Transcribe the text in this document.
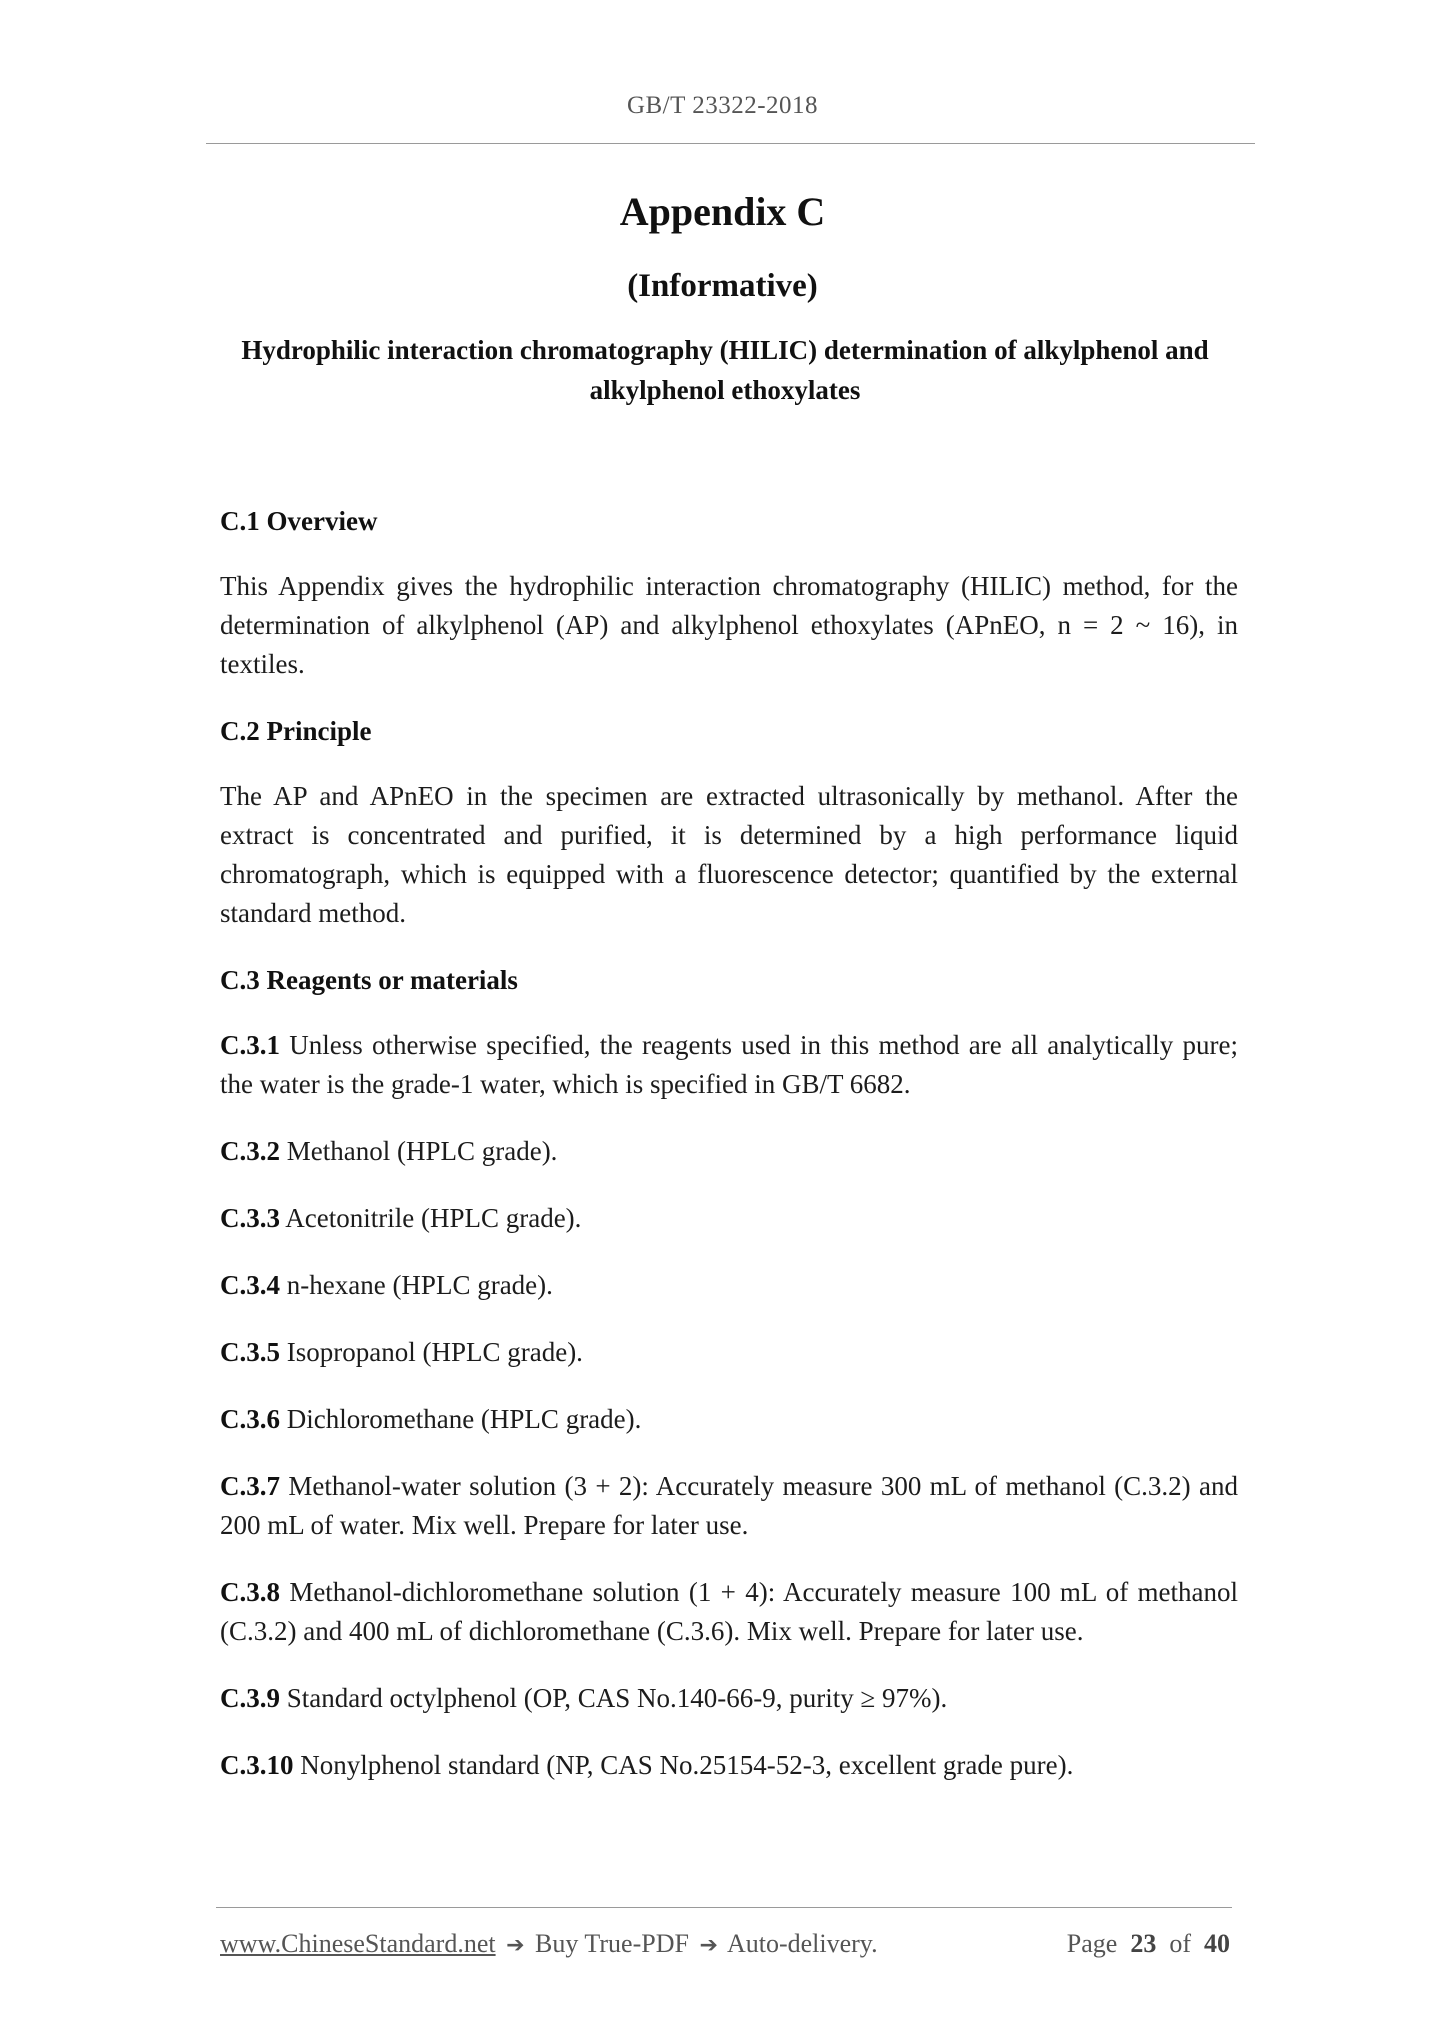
GB/T 23322-2018
Appendix C
(Informative)
Hydrophilic interaction chromatography (HILIC) determination of alkylphenol and alkylphenol ethoxylates
C.1 Overview

This Appendix gives the hydrophilic interaction chromatography (HILIC) method, for the determination of alkylphenol (AP) and alkylphenol ethoxylates (APnEO, n = 2 ~ 16), in textiles.

C.2 Principle

The AP and APnEO in the specimen are extracted ultrasonically by methanol. After the extract is concentrated and purified, it is determined by a high performance liquid chromatograph, which is equipped with a fluorescence detector; quantified by the external standard method.

C.3 Reagents or materials

C.3.1 Unless otherwise specified, the reagents used in this method are all analytically pure; the water is the grade-1 water, which is specified in GB/T 6682.

C.3.2 Methanol (HPLC grade).

C.3.3 Acetonitrile (HPLC grade).

C.3.4 n-hexane (HPLC grade).

C.3.5 Isopropanol (HPLC grade).

C.3.6 Dichloromethane (HPLC grade).

C.3.7 Methanol-water solution (3 + 2): Accurately measure 300 mL of methanol (C.3.2) and 200 mL of water. Mix well. Prepare for later use.

C.3.8 Methanol-dichloromethane solution (1 + 4): Accurately measure 100 mL of methanol (C.3.2) and 400 mL of dichloromethane (C.3.6). Mix well. Prepare for later use.

C.3.9 Standard octylphenol (OP, CAS No.140-66-9, purity ≥ 97%).

C.3.10 Nonylphenol standard (NP, CAS No.25154-52-3, excellent grade pure).

www.ChineseStandard.net ➔ Buy True-PDF ➔ Auto-delivery.	Page 23 of 40
